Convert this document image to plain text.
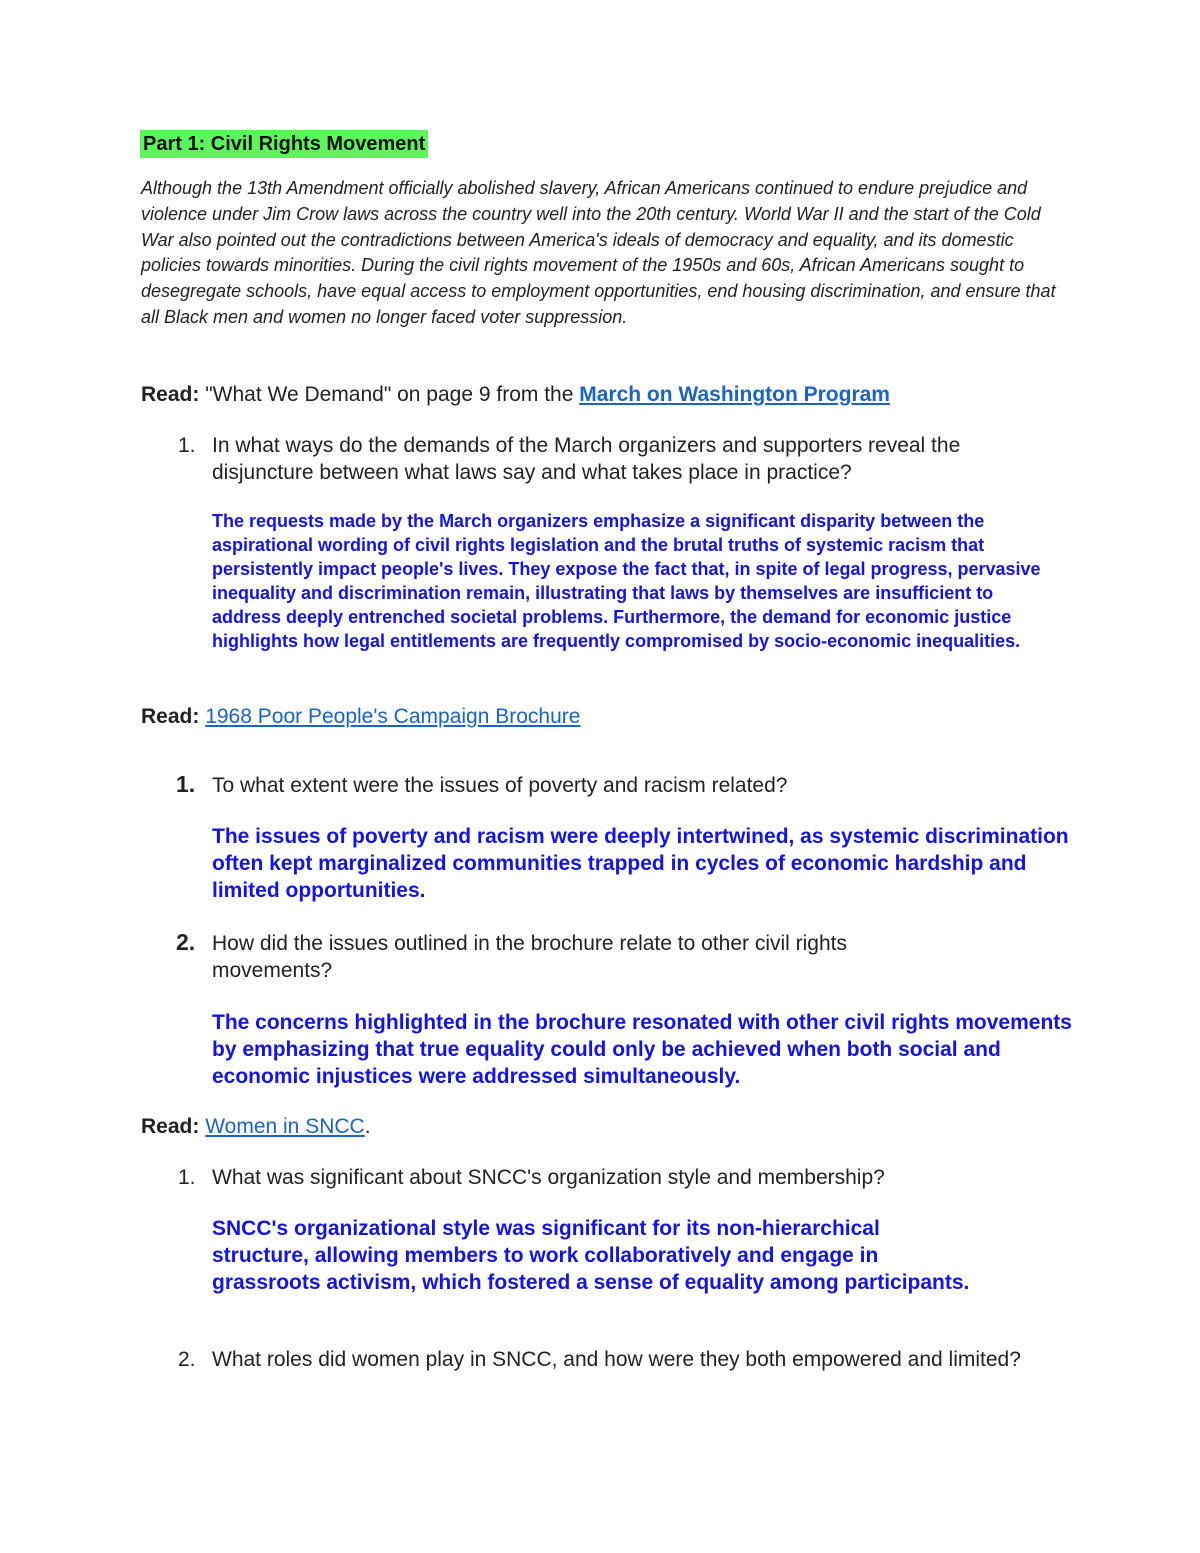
Part 1: Civil Rights Movement

Although the 13th Amendment officially abolished slavery, African Americans continued to endure prejudice and violence under Jim Crow laws across the country well into the 20th century. World War II and the start of the Cold War also pointed out the contradictions between America's ideals of democracy and equality, and its domestic policies towards minorities. During the civil rights movement of the 1950s and 60s, African Americans sought to desegregate schools, have equal access to employment opportunities, end housing discrimination, and ensure that all Black men and women no longer faced voter suppression.

Read: "What We Demand" on page 9 from the March on Washington Program
1. In what ways do the demands of the March organizers and supporters reveal the disjuncture between what laws say and what takes place in practice?
The requests made by the March organizers emphasize a significant disparity between the aspirational wording of civil rights legislation and the brutal truths of systemic racism that persistently impact people's lives. They expose the fact that, in spite of legal progress, pervasive inequality and discrimination remain, illustrating that laws by themselves are insufficient to address deeply entrenched societal problems. Furthermore, the demand for economic justice highlights how legal entitlements are frequently compromised by socio-economic inequalities.
Read: 1968 Poor People's Campaign Brochure
1. To what extent were the issues of poverty and racism related?
The issues of poverty and racism were deeply intertwined, as systemic discrimination often kept marginalized communities trapped in cycles of economic hardship and limited opportunities.
2. How did the issues outlined in the brochure relate to other civil rights movements?
The concerns highlighted in the brochure resonated with other civil rights movements by emphasizing that true equality could only be achieved when both social and economic injustices were addressed simultaneously.
Read: Women in SNCC.
1. What was significant about SNCC's organization style and membership?
SNCC's organizational style was significant for its non-hierarchical structure, allowing members to work collaboratively and engage in grassroots activism, which fostered a sense of equality among participants.
2. What roles did women play in SNCC, and how were they both empowered and limited?
